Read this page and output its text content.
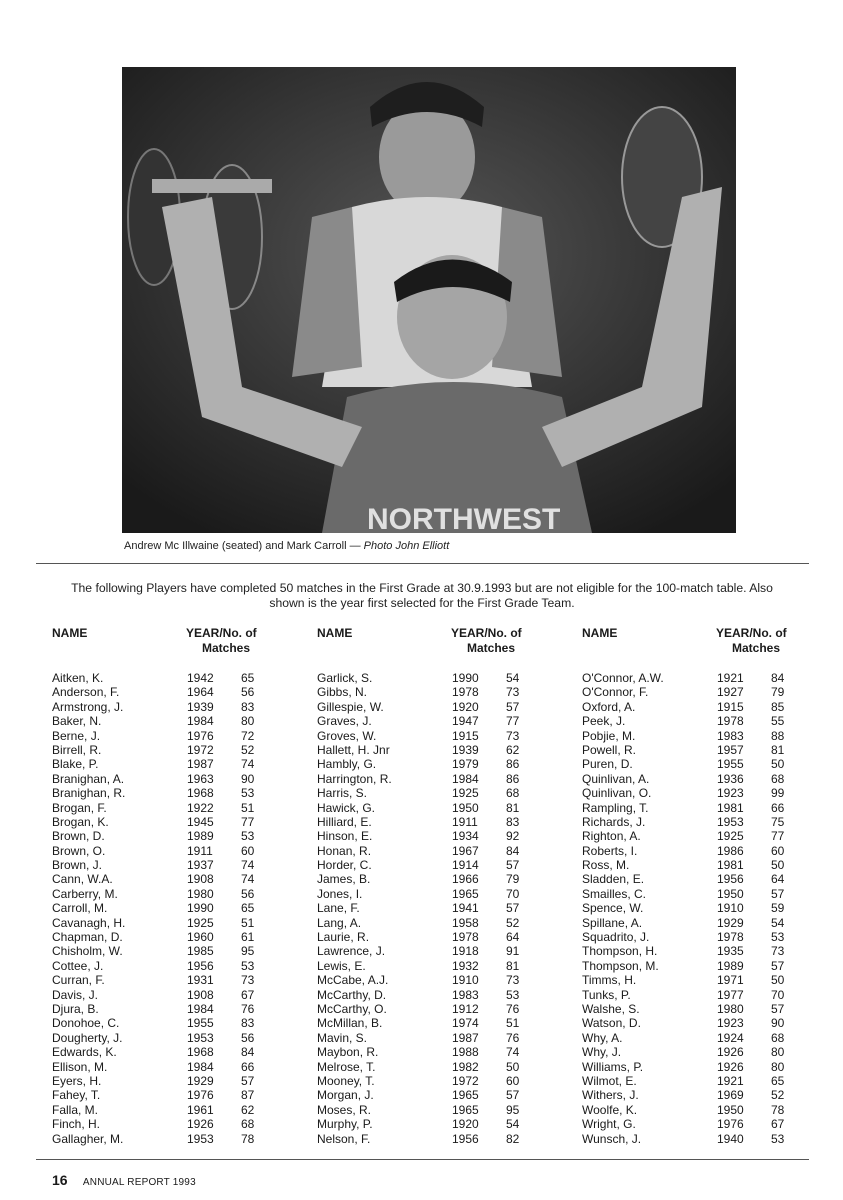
NORTHWEST
Andrew Mc Illwaine (seated) and Mark Carroll — Photo John Elliott
The following Players have completed 50 matches in the First Grade at 30.9.1993 but are not eligible for the 100-match table. Also shown is the year first selected for the First Grade Team.
NAME	YEAR/No. of
Matches
Aitken, K.	1942 65
Anderson, F.	1964 56
Armstrong, J.	1939 83
Baker, N.	1984 80
Berne, J.	1976 72
Birrell, R.	1972 52
Blake, P.	1987 74
Branighan, A.	1963 90
Branighan, R.	1968 53
Brogan, F.	1922 51
Brogan, K.	1945 77
Brown, D.	1989 53
Brown, O.	1911 60
Brown, J.	1937 74
Cann, W.A.	1908 74
Carberry, M.	1980 56
Carroll, M.	1990 65
Cavanagh, H.	1925 51
Chapman, D.	1960 61
Chisholm, W.	1985 95
Cottee, J.	1956 53
Curran, F.	1931 73
Davis, J.	1908 67
Djura, B.	1984 76
Donohoe, C.	1955 83
Dougherty, J.	1953 56
Edwards, K.	1968 84
Ellison, M.	1984 66
Eyers, H.	1929 57
Fahey, T.	1976 87
Falla, M.	1961 62
Finch, H.	1926 68
Gallagher, M.	1953 78
NAME	YEAR/No. of
Matches
Garlick, S.	1990 54
Gibbs, N.	1978 73
Gillespie, W.	1920 57
Graves, J.	1947 77
Groves, W.	1915 73
Hallett, H. Jnr	1939 62
Hambly, G.	1979 86
Harrington, R.	1984 86
Harris, S.	1925 68
Hawick, G.	1950 81
Hilliard, E.	1911 83
Hinson, E.	1934 92
Honan, R.	1967 84
Horder, C.	1914 57
James, B.	1966 79
Jones, I.	1965 70
Lane, F.	1941 57
Lang, A.	1958 52
Laurie, R.	1978 64
Lawrence, J.	1918 91
Lewis, E.	1932 81
McCabe, A.J.	1910 73
McCarthy, D.	1983 53
McCarthy, O.	1912 76
McMillan, B.	1974 51
Mavin, S.	1987 76
Maybon, R.	1988 74
Melrose, T.	1982 50
Mooney, T.	1972 60
Morgan, J.	1965 57
Moses, R.	1965 95
Murphy, P.	1920 54
Nelson, F.	1956 82
NAME	YEAR/No. of
Matches
O'Connor, A.W.	1921 84
O'Connor, F.	1927 79
Oxford, A.	1915 85
Peek, J.	1978 55
Pobjie, M.	1983 88
Powell, R.	1957 81
Puren, D.	1955 50
Quinlivan, A.	1936 68
Quinlivan, O.	1923 99
Rampling, T.	1981 66
Richards, J.	1953 75
Righton, A.	1925 77
Roberts, I.	1986 60
Ross, M.	1981 50
Sladden, E.	1956 64
Smailles, C.	1950 57
Spence, W.	1910 59
Spillane, A.	1929 54
Squadrito, J.	1978 53
Thompson, H.	1935 73
Thompson, M.	1989 57
Timms, H.	1971 50
Tunks, P.	1977 70
Walshe, S.	1980 57
Watson, D.	1923 90
Why, A.	1924 68
Why, J.	1926 80
Williams, P.	1926 80
Wilmot, E.	1921 65
Withers, J.	1969 52
Woolfe, K.	1950 78
Wright, G.	1976 67
Wunsch, J.	1940 53
16 ANNUAL REPORT 1993
